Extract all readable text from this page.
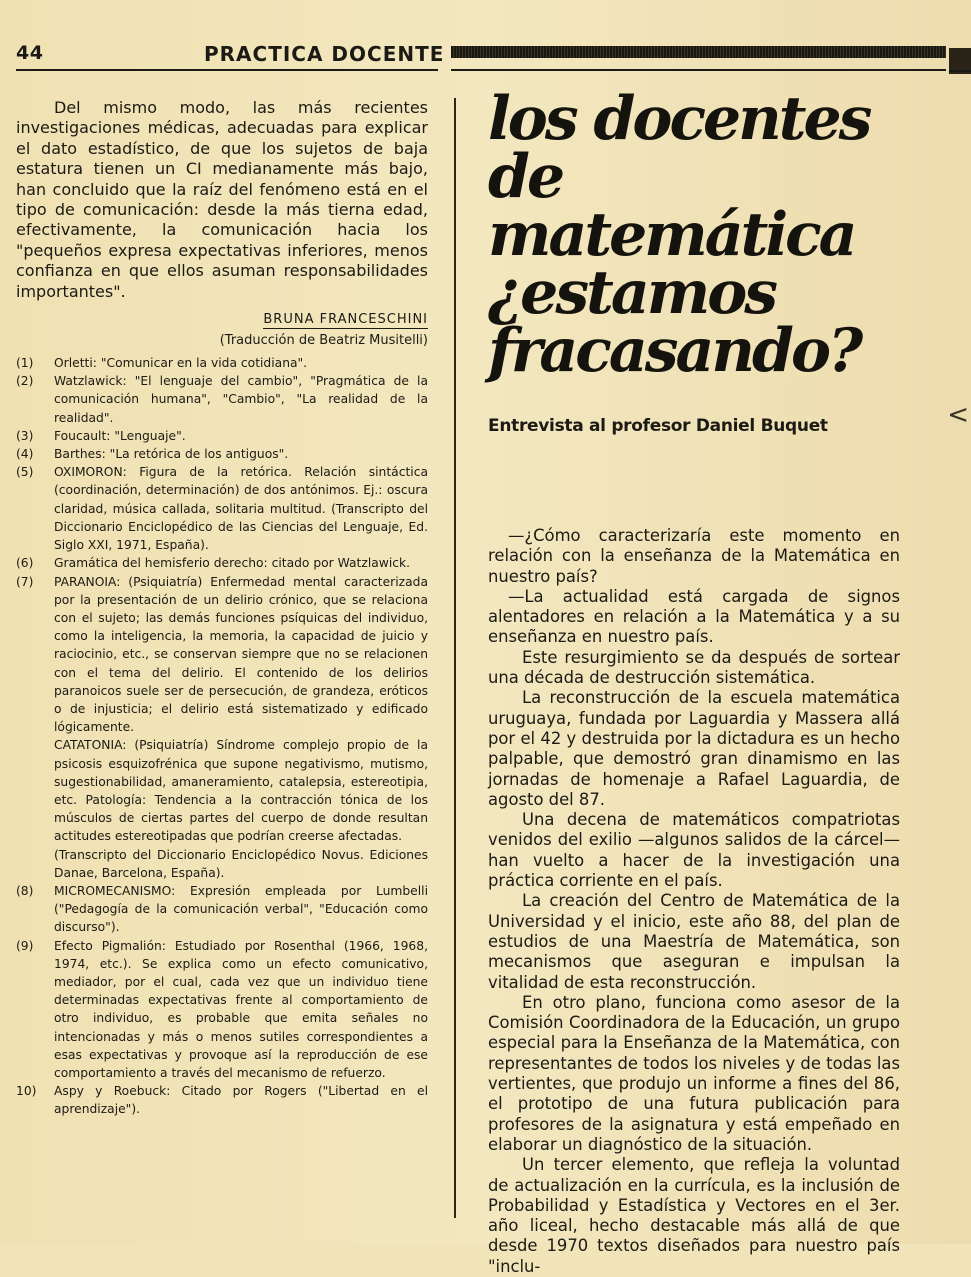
44	PRACTICA DOCENTE
<

Del mismo modo, las más recientes investigaciones médicas, adecuadas para explicar el dato estadístico, de que los sujetos de baja estatura tienen un CI medianamente más bajo, han concluido que la raíz del fenómeno está en el tipo de comunicación: desde la más tierna edad, efectivamente, la comunicación hacia los "pequeños expresa expectativas inferiores, menos confianza en que ellos asuman responsabilidades importantes".

BRUNA FRANCESCHINI
(Traducción de Beatriz Musitelli)

(1) Orletti: "Comunicar en la vida cotidiana".

(2) Watzlawick: "El lenguaje del cambio", "Pragmática de la comunicación humana", "Cambio", "La realidad de la realidad".

(3) Foucault: "Lenguaje".

(4) Barthes: "La retórica de los antiguos".

(5) OXIMORON: Figura de la retórica. Relación sintáctica (coordinación, determinación) de dos antónimos. Ej.: oscura claridad, música callada, solitaria multitud. (Transcripto del Diccionario Enciclopédico de las Ciencias del Lenguaje, Ed. Siglo XXI, 1971, España).

(6) Gramática del hemisferio derecho: citado por Watzlawick.

(7) PARANOIA: (Psiquiatría) Enfermedad mental caracterizada por la presentación de un delirio crónico, que se relaciona con el sujeto; las demás funciones psíquicas del individuo, como la inteligencia, la memoria, la capacidad de juicio y raciocinio, etc., se conservan siempre que no se relacionen con el tema del delirio. El contenido de los delirios paranoicos suele ser de persecución, de grandeza, eróticos o de injusticia; el delirio está sistematizado y edificado lógicamente.

CATATONIA: (Psiquiatría) Síndrome complejo propio de la psicosis esquizofrénica que supone negativismo, mutismo, sugestionabilidad, amaneramiento, catalepsia, estereotipia, etc. Patología: Tendencia a la contracción tónica de los músculos de ciertas partes del cuerpo de donde resultan actitudes estereotipadas que podrían creerse afectadas.

(Transcripto del Diccionario Enciclopédico Novus. Ediciones Danae, Barcelona, España).

(8) MICROMECANISMO: Expresión empleada por Lumbelli ("Pedagogía de la comunicación verbal", "Educación como discurso").

(9) Efecto Pigmalión: Estudiado por Rosenthal (1966, 1968, 1974, etc.). Se explica como un efecto comunicativo, mediador, por el cual, cada vez que un individuo tiene determinadas expectativas frente al comportamiento de otro individuo, es probable que emita señales no intencionadas y más o menos sutiles correspondientes a esas expectativas y provoque así la reproducción de ese comportamiento a través del mecanismo de refuerzo.

10) Aspy y Roebuck: Citado por Rogers ("Libertad en el aprendizaje").

los docentes
de matemática
¿estamos
fracasando?
Entrevista al profesor Daniel Buquet

—¿Cómo caracterizaría este momento en relación con la enseñanza de la Matemática en nuestro país?

—La actualidad está cargada de signos alentadores en relación a la Matemática y a su enseñanza en nuestro país.

Este resurgimiento se da después de sortear una década de destrucción sistemática.

La reconstrucción de la escuela matemática uruguaya, fundada por Laguardia y Massera allá por el 42 y destruida por la dictadura es un hecho palpable, que demostró gran dinamismo en las jornadas de homenaje a Rafael Laguardia, de agosto del 87.

Una decena de matemáticos compatriotas venidos del exilio —algunos salidos de la cárcel— han vuelto a hacer de la investigación una práctica corriente en el país.

La creación del Centro de Matemática de la Universidad y el inicio, este año 88, del plan de estudios de una Maestría de Matemática, son mecanismos que aseguran e impulsan la vitalidad de esta reconstrucción.

En otro plano, funciona como asesor de la Comisión Coordinadora de la Educación, un grupo especial para la Enseñanza de la Matemática, con representantes de todos los niveles y de todas las vertientes, que produjo un informe a fines del 86, el prototipo de una futura publicación para profesores de la asignatura y está empeñado en elaborar un diagnóstico de la situación.

Un tercer elemento, que refleja la voluntad de actualización en la currícula, es la inclusión de Probabilidad y Estadística y Vectores en el 3er. año liceal, hecho destacable más allá de que desde 1970 textos diseñados para nuestro país "inclu-
